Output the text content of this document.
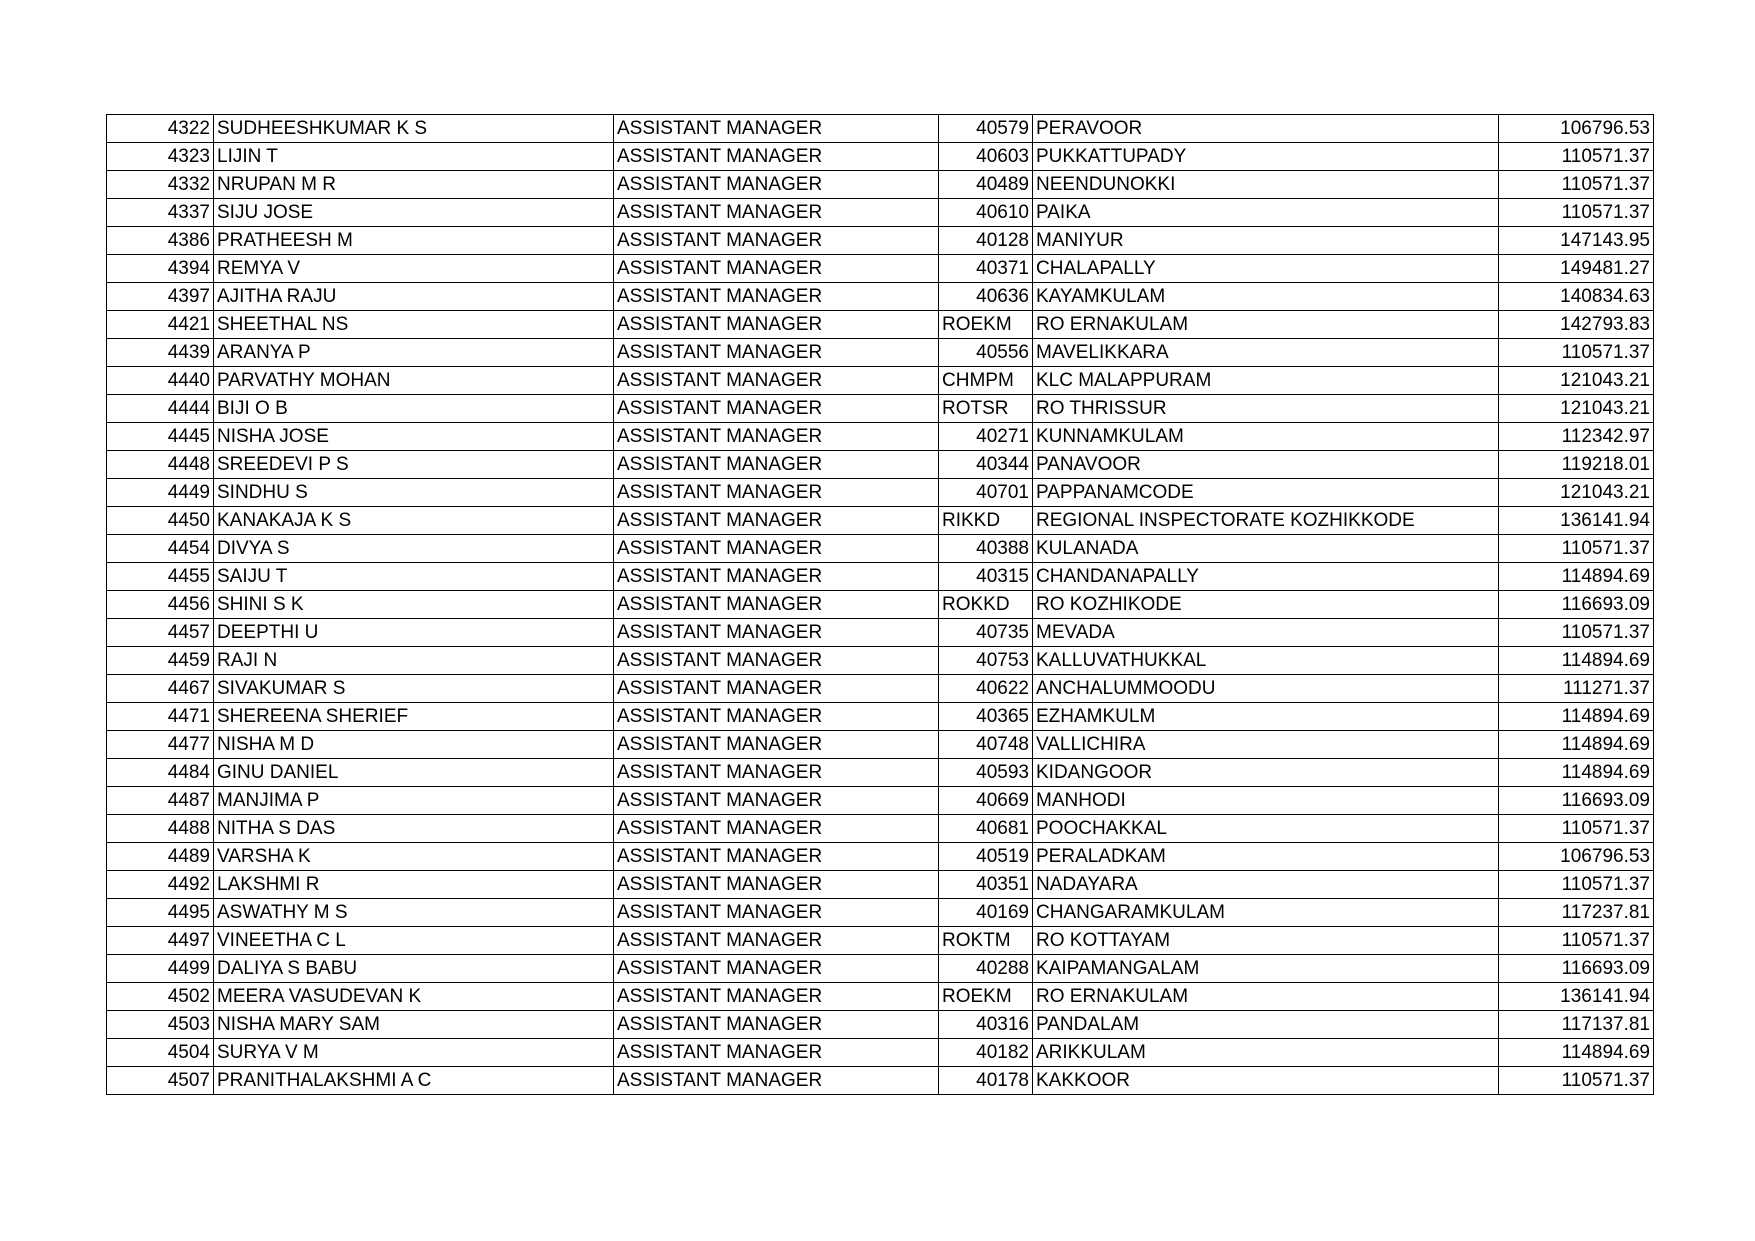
4322	SUDHEESHKUMAR K S	ASSISTANT MANAGER	40579	PERAVOOR	106796.53
4323	LIJIN T	ASSISTANT MANAGER	40603	PUKKATTUPADY	110571.37
4332	NRUPAN M R	ASSISTANT MANAGER	40489	NEENDUNOKKI	110571.37
4337	SIJU JOSE	ASSISTANT MANAGER	40610	PAIKA	110571.37
4386	PRATHEESH M	ASSISTANT MANAGER	40128	MANIYUR	147143.95
4394	REMYA V	ASSISTANT MANAGER	40371	CHALAPALLY	149481.27
4397	AJITHA RAJU	ASSISTANT MANAGER	40636	KAYAMKULAM	140834.63
4421	SHEETHAL NS	ASSISTANT MANAGER	ROEKM	RO ERNAKULAM	142793.83
4439	ARANYA P	ASSISTANT MANAGER	40556	MAVELIKKARA	110571.37
4440	PARVATHY MOHAN	ASSISTANT MANAGER	CHMPM	KLC MALAPPURAM	121043.21
4444	BIJI O B	ASSISTANT MANAGER	ROTSR	RO THRISSUR	121043.21
4445	NISHA JOSE	ASSISTANT MANAGER	40271	KUNNAMKULAM	112342.97
4448	SREEDEVI P S	ASSISTANT MANAGER	40344	PANAVOOR	119218.01
4449	SINDHU S	ASSISTANT MANAGER	40701	PAPPANAMCODE	121043.21
4450	KANAKAJA K S	ASSISTANT MANAGER	RIKKD	REGIONAL INSPECTORATE KOZHIKKODE	136141.94
4454	DIVYA S	ASSISTANT MANAGER	40388	KULANADA	110571.37
4455	SAIJU T	ASSISTANT MANAGER	40315	CHANDANAPALLY	114894.69
4456	SHINI S K	ASSISTANT MANAGER	ROKKD	RO KOZHIKODE	116693.09
4457	DEEPTHI U	ASSISTANT MANAGER	40735	MEVADA	110571.37
4459	RAJI N	ASSISTANT MANAGER	40753	KALLUVATHUKKAL	114894.69
4467	SIVAKUMAR S	ASSISTANT MANAGER	40622	ANCHALUMMOODU	111271.37
4471	SHEREENA SHERIEF	ASSISTANT MANAGER	40365	EZHAMKULM	114894.69
4477	NISHA M D	ASSISTANT MANAGER	40748	VALLICHIRA	114894.69
4484	GINU DANIEL	ASSISTANT MANAGER	40593	KIDANGOOR	114894.69
4487	MANJIMA P	ASSISTANT MANAGER	40669	MANHODI	116693.09
4488	NITHA S DAS	ASSISTANT MANAGER	40681	POOCHAKKAL	110571.37
4489	VARSHA K	ASSISTANT MANAGER	40519	PERALADKAM	106796.53
4492	LAKSHMI R	ASSISTANT MANAGER	40351	NADAYARA	110571.37
4495	ASWATHY M S	ASSISTANT MANAGER	40169	CHANGARAMKULAM	117237.81
4497	VINEETHA C L	ASSISTANT MANAGER	ROKTM	RO KOTTAYAM	110571.37
4499	DALIYA S BABU	ASSISTANT MANAGER	40288	KAIPAMANGALAM	116693.09
4502	MEERA VASUDEVAN K	ASSISTANT MANAGER	ROEKM	RO ERNAKULAM	136141.94
4503	NISHA MARY SAM	ASSISTANT MANAGER	40316	PANDALAM	117137.81
4504	SURYA V M	ASSISTANT MANAGER	40182	ARIKKULAM	114894.69
4507	PRANITHALAKSHMI A C	ASSISTANT MANAGER	40178	KAKKOOR	110571.37
